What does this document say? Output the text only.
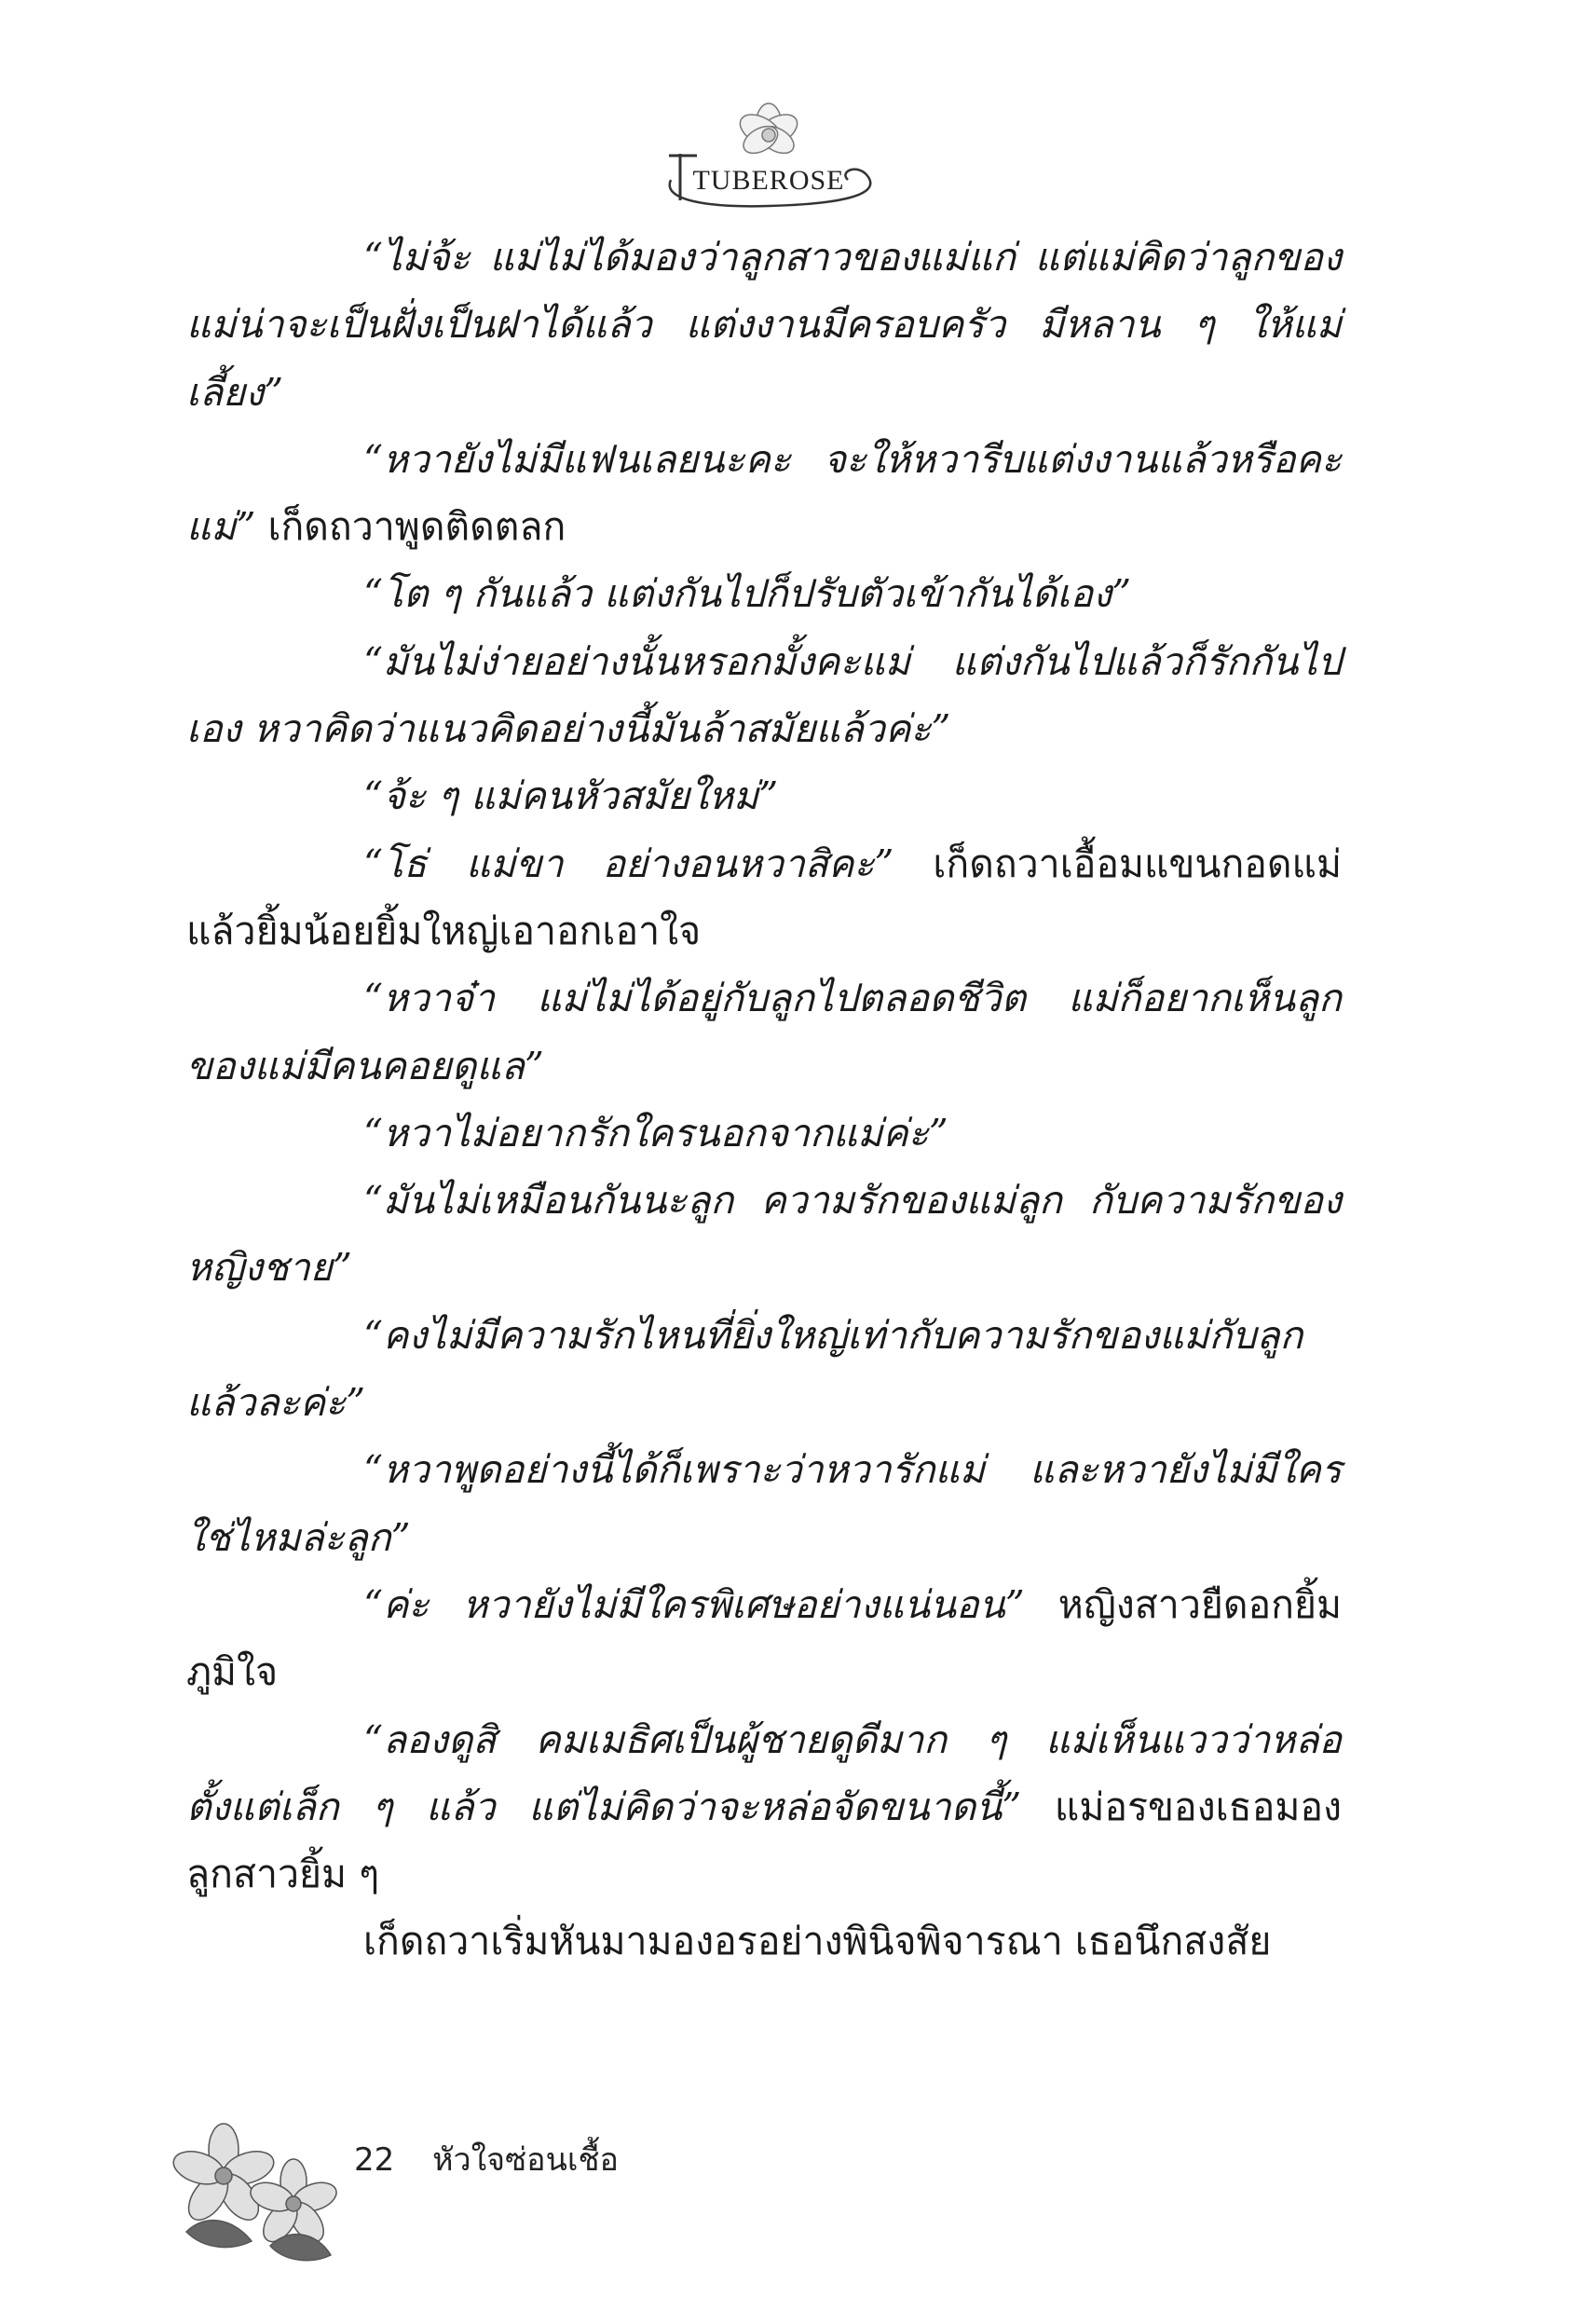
TUBEROSE

“ไม่จ้ะ แม่ไม่ได้มองว่าลูกสาวของแม่แก่ แต่แม่คิดว่าลูกของแม่น่าจะเป็นฝั่งเป็นฝาได้แล้ว แต่งงานมีครอบครัว มีหลาน ๆ ให้แม่เลี้ยง”

“หวายังไม่มีแฟนเลยนะคะ จะให้หวารีบแต่งงานแล้วหรือคะแม่” เก็ดถวาพูดติดตลก

“โต ๆ กันแล้ว แต่งกันไปก็ปรับตัวเข้ากันได้เอง”

“มันไม่ง่ายอย่างนั้นหรอกมั้งคะแม่ แต่งกันไปแล้วก็รักกันไปเอง หวาคิดว่าแนวคิดอย่างนี้มันล้าสมัยแล้วค่ะ”

“จ้ะ ๆ แม่คนหัวสมัยใหม่”

“โธ่ แม่ขา อย่างอนหวาสิคะ” เก็ดถวาเอื้อมแขนกอดแม่ แล้วยิ้มน้อยยิ้มใหญ่เอาอกเอาใจ

“หวาจ๋า แม่ไม่ได้อยู่กับลูกไปตลอดชีวิต แม่ก็อยากเห็นลูกของแม่มีคนคอยดูแล”

“หวาไม่อยากรักใครนอกจากแม่ค่ะ”

“มันไม่เหมือนกันนะลูก ความรักของแม่ลูก กับความรักของหญิงชาย”

“คงไม่มีความรักไหนที่ยิ่งใหญ่เท่ากับความรักของแม่กับลูกแล้วละค่ะ”

“หวาพูดอย่างนี้ได้ก็เพราะว่าหวารักแม่ และหวายังไม่มีใครใช่ไหมล่ะลูก”

“ค่ะ หวายังไม่มีใครพิเศษอย่างแน่นอน” หญิงสาวยืดอกยิ้มภูมิใจ

“ลองดูสิ คมเมธิศเป็นผู้ชายดูดีมาก ๆ แม่เห็นแววว่าหล่อตั้งแต่เล็ก ๆ แล้ว แต่ไม่คิดว่าจะหล่อจัดขนาดนี้” แม่อรของเธอมองลูกสาวยิ้ม ๆ

เก็ดถวาเริ่มหันมามองอรอย่างพินิจพิจารณา เธอนึกสงสัย

22 หัวใจซ่อนเชื้อ
